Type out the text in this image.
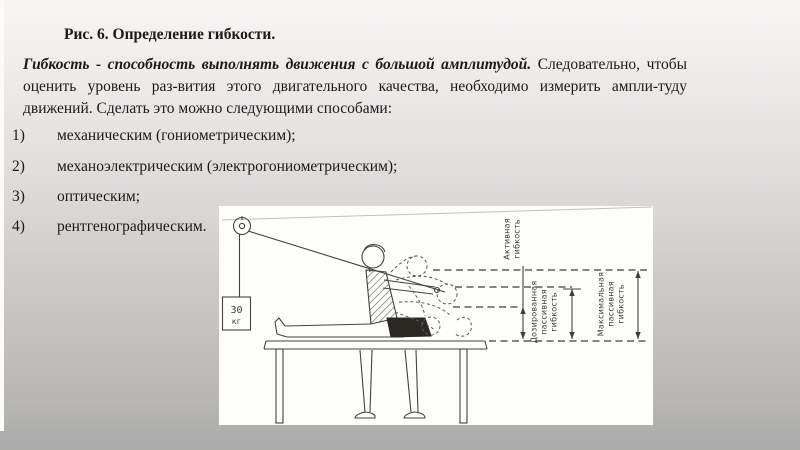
30
кг
Активная гибкость
Дозированная пассивная гибкость	Максимальная пассивная гибкость
Рис. 6. Определение гибкости.

Гибкость - способность выполнять движения с большой амплитудой. Следовательно, чтобы оценить уровень раз-вития этого двигательного качества, необходимо измерить ампли-туду движений. Сделать это можно следующими способами:

1)	механическим (гониометрическим);
2)	механоэлектрическим (электрогониометрическим);
3)	оптическим;
4)	рентгенографическим.
